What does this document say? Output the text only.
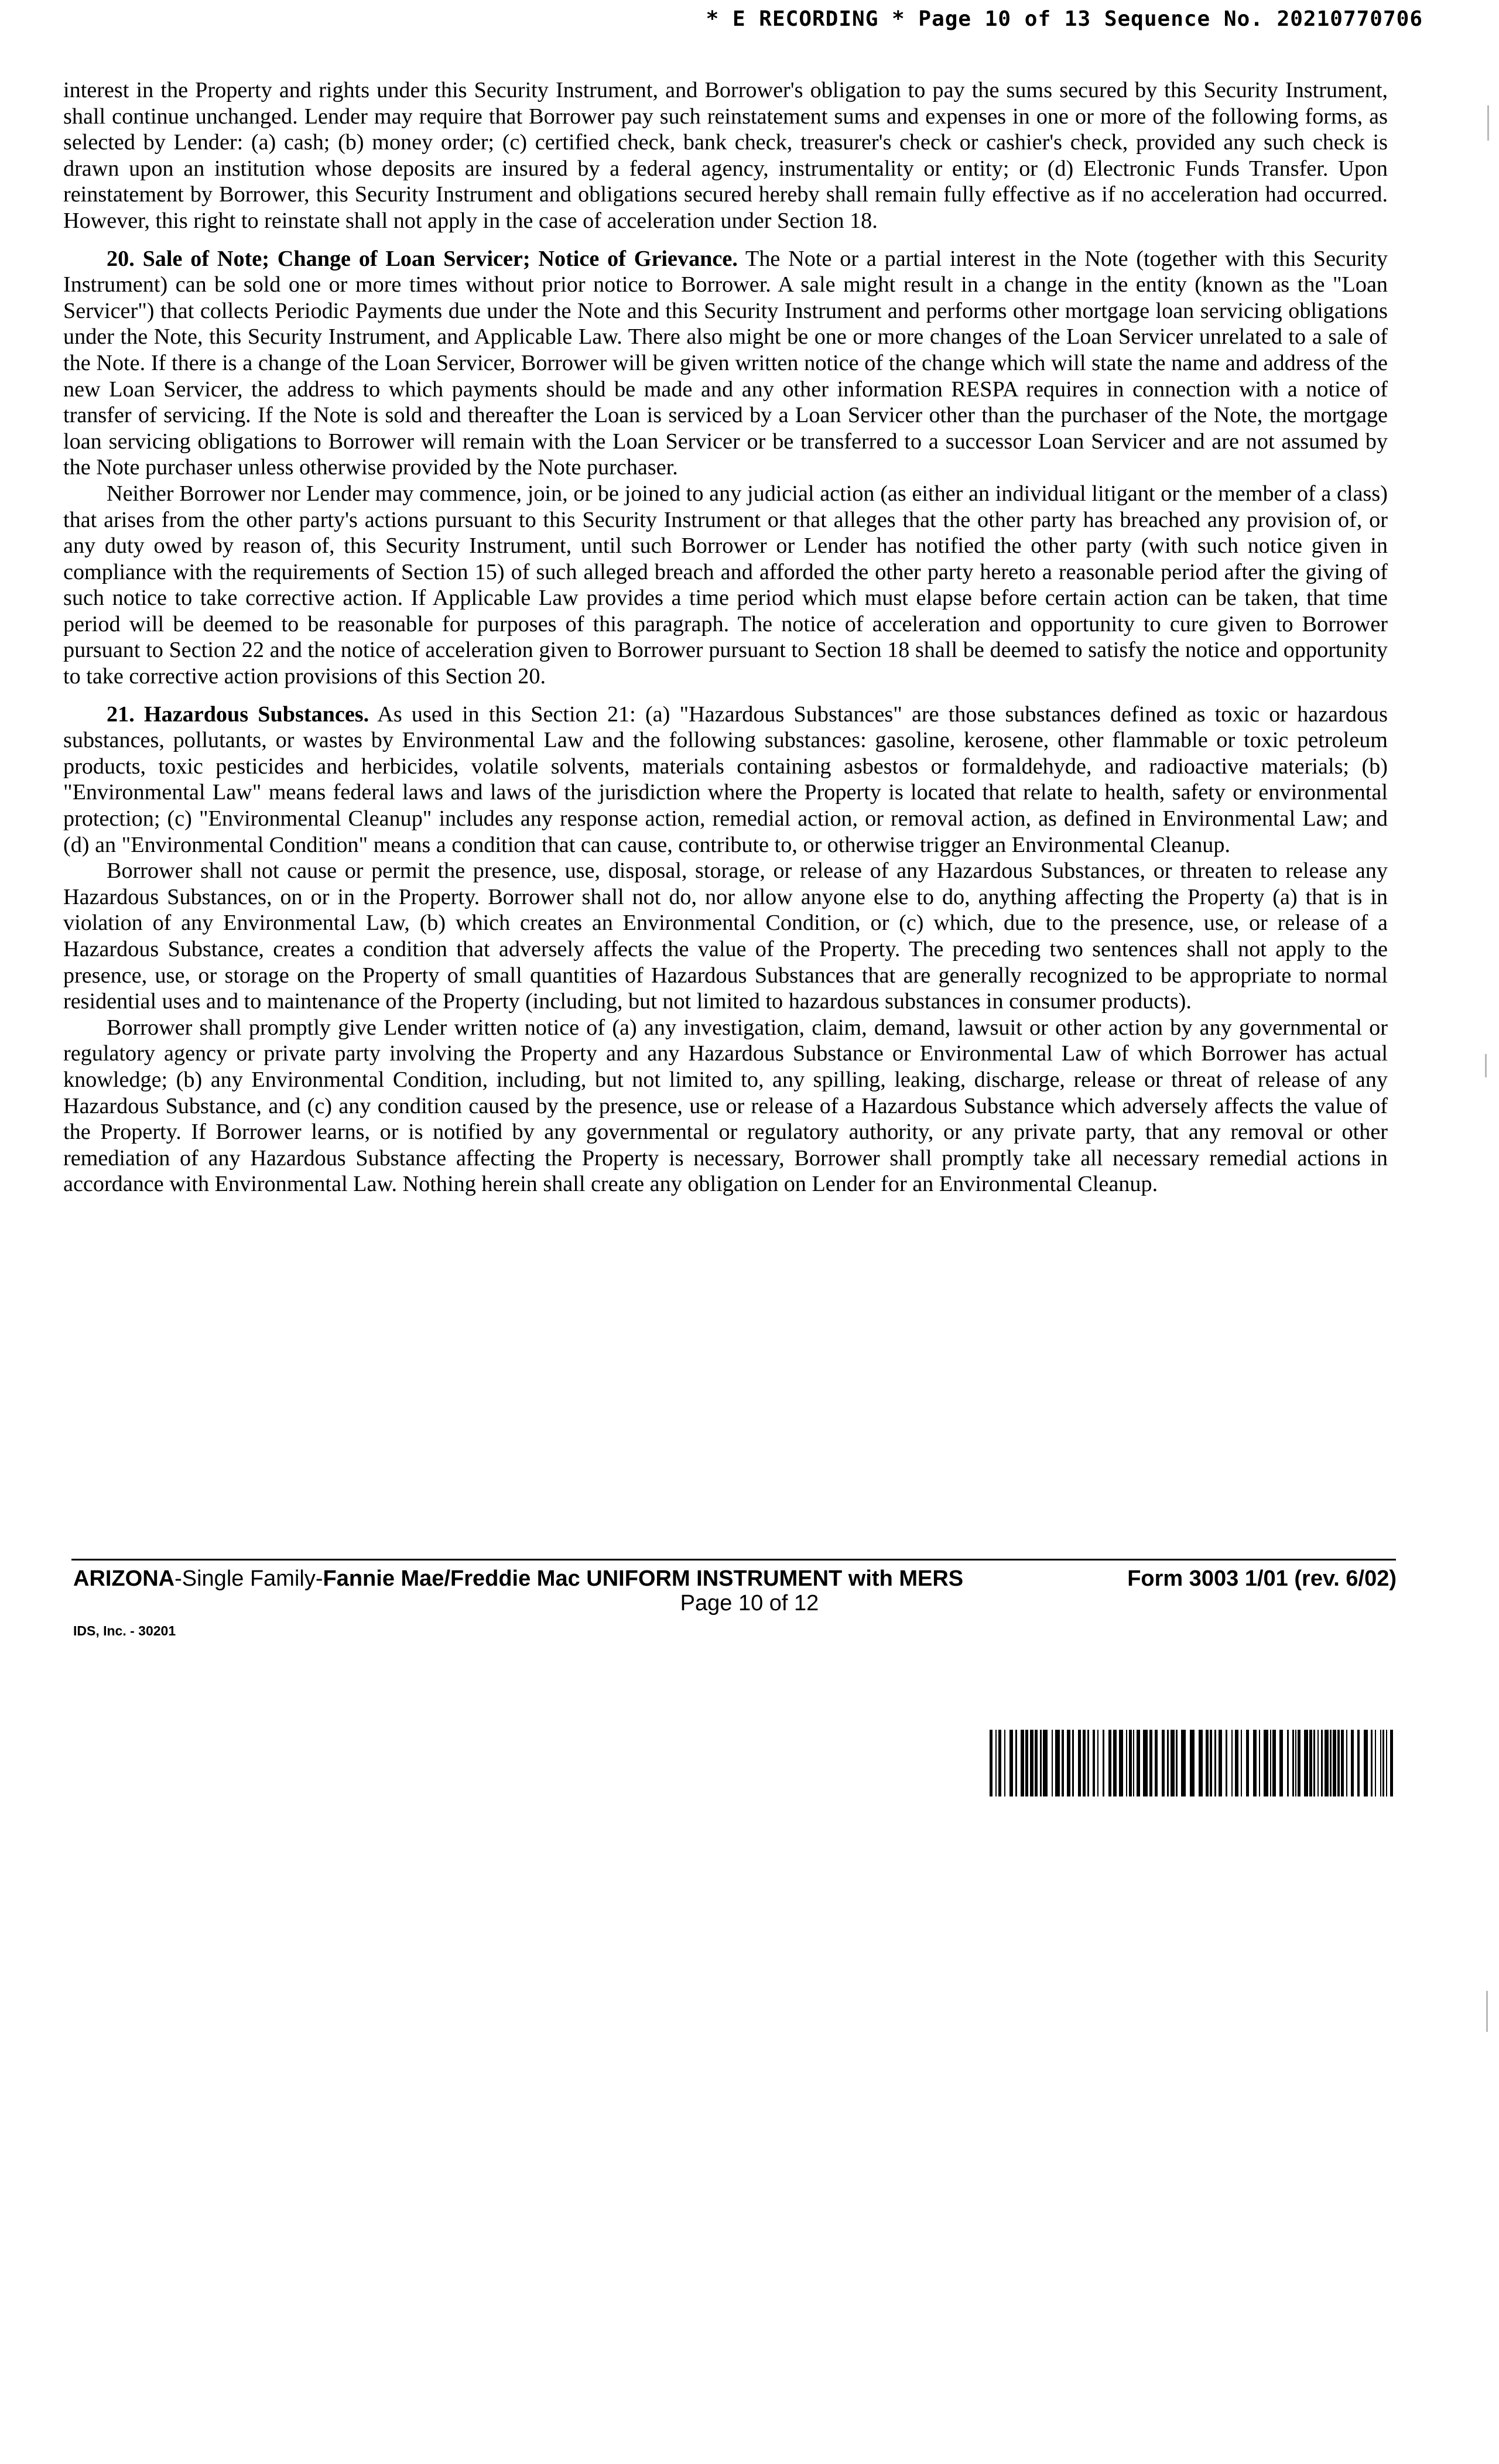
* E RECORDING * Page 10 of 13 Sequence No. 20210770706

interest in the Property and rights under this Security Instrument, and Borrower's obligation to pay the sums secured by this Security Instrument, shall continue unchanged. Lender may require that Borrower pay such reinstatement sums and expenses in one or more of the following forms, as selected by Lender: (a) cash; (b) money order; (c) certified check, bank check, treasurer's check or cashier's check, provided any such check is drawn upon an institution whose deposits are insured by a federal agency, instrumentality or entity; or (d) Electronic Funds Transfer. Upon reinstatement by Borrower, this Security Instrument and obligations secured hereby shall remain fully effective as if no acceleration had occurred. However, this right to reinstate shall not apply in the case of acceleration under Section 18.

20. Sale of Note; Change of Loan Servicer; Notice of Grievance. The Note or a partial interest in the Note (together with this Security Instrument) can be sold one or more times without prior notice to Borrower. A sale might result in a change in the entity (known as the "Loan Servicer") that collects Periodic Payments due under the Note and this Security Instrument and performs other mortgage loan servicing obligations under the Note, this Security Instrument, and Applicable Law. There also might be one or more changes of the Loan Servicer unrelated to a sale of the Note. If there is a change of the Loan Servicer, Borrower will be given written notice of the change which will state the name and address of the new Loan Servicer, the address to which payments should be made and any other information RESPA requires in connection with a notice of transfer of servicing. If the Note is sold and thereafter the Loan is serviced by a Loan Servicer other than the purchaser of the Note, the mortgage loan servicing obligations to Borrower will remain with the Loan Servicer or be transferred to a successor Loan Servicer and are not assumed by the Note purchaser unless otherwise provided by the Note purchaser.

Neither Borrower nor Lender may commence, join, or be joined to any judicial action (as either an individual litigant or the member of a class) that arises from the other party's actions pursuant to this Security Instrument or that alleges that the other party has breached any provision of, or any duty owed by reason of, this Security Instrument, until such Borrower or Lender has notified the other party (with such notice given in compliance with the requirements of Section 15) of such alleged breach and afforded the other party hereto a reasonable period after the giving of such notice to take corrective action. If Applicable Law provides a time period which must elapse before certain action can be taken, that time period will be deemed to be reasonable for purposes of this paragraph. The notice of acceleration and opportunity to cure given to Borrower pursuant to Section 22 and the notice of acceleration given to Borrower pursuant to Section 18 shall be deemed to satisfy the notice and opportunity to take corrective action provisions of this Section 20.

21. Hazardous Substances. As used in this Section 21: (a) "Hazardous Substances" are those substances defined as toxic or hazardous substances, pollutants, or wastes by Environmental Law and the following substances: gasoline, kerosene, other flammable or toxic petroleum products, toxic pesticides and herbicides, volatile solvents, materials containing asbestos or formaldehyde, and radioactive materials; (b) "Environmental Law" means federal laws and laws of the jurisdiction where the Property is located that relate to health, safety or environmental protection; (c) "Environmental Cleanup" includes any response action, remedial action, or removal action, as defined in Environmental Law; and (d) an "Environmental Condition" means a condition that can cause, contribute to, or otherwise trigger an Environmental Cleanup.

Borrower shall not cause or permit the presence, use, disposal, storage, or release of any Hazardous Substances, or threaten to release any Hazardous Substances, on or in the Property. Borrower shall not do, nor allow anyone else to do, anything affecting the Property (a) that is in violation of any Environmental Law, (b) which creates an Environmental Condition, or (c) which, due to the presence, use, or release of a Hazardous Substance, creates a condition that adversely affects the value of the Property. The preceding two sentences shall not apply to the presence, use, or storage on the Property of small quantities of Hazardous Substances that are generally recognized to be appropriate to normal residential uses and to maintenance of the Property (including, but not limited to hazardous substances in consumer products).

Borrower shall promptly give Lender written notice of (a) any investigation, claim, demand, lawsuit or other action by any governmental or regulatory agency or private party involving the Property and any Hazardous Substance or Environmental Law of which Borrower has actual knowledge; (b) any Environmental Condition, including, but not limited to, any spilling, leaking, discharge, release or threat of release of any Hazardous Substance, and (c) any condition caused by the presence, use or release of a Hazardous Substance which adversely affects the value of the Property. If Borrower learns, or is notified by any governmental or regulatory authority, or any private party, that any removal or other remediation of any Hazardous Substance affecting the Property is necessary, Borrower shall promptly take all necessary remedial actions in accordance with Environmental Law. Nothing herein shall create any obligation on Lender for an Environmental Cleanup.

ARIZONA-Single Family-Fannie Mae/Freddie Mac UNIFORM INSTRUMENT with MERS	Form 3003 1/01 (rev. 6/02)
Page 10 of 12
IDS, Inc. - 30201
